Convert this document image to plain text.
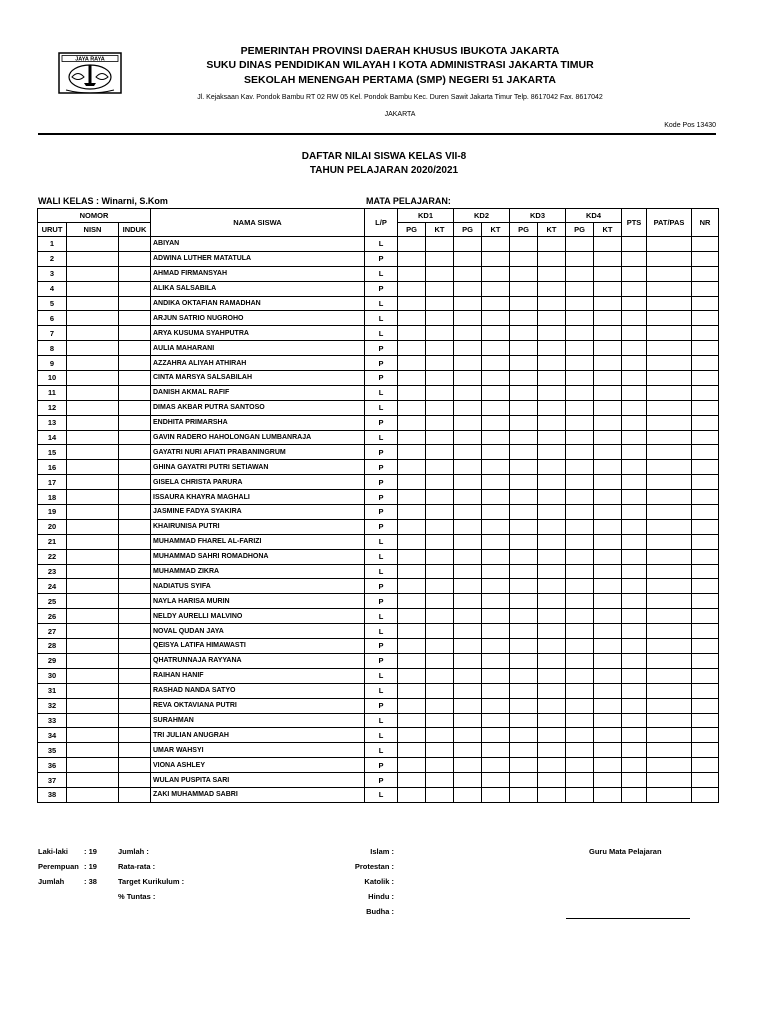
JAYA RAYA
PEMERINTAH PROVINSI DAERAH KHUSUS IBUKOTA JAKARTA
SUKU DINAS PENDIDIKAN WILAYAH I KOTA ADMINISTRASI JAKARTA TIMUR
SEKOLAH MENENGAH PERTAMA (SMP) NEGERI 51 JAKARTA
Jl. Kejaksaan Kav. Pondok Bambu RT 02 RW 05 Kel. Pondok Bambu Kec. Duren Sawit Jakarta Timur Telp. 8617042 Fax. 8617042
JAKARTA
Kode Pos 13430
DAFTAR NILAI SISWA KELAS VII-8
TAHUN PELAJARAN 2020/2021
WALI KELAS : Winarni, S.Kom	MATA PELAJARAN:
NOMOR			NAMA SISWA	L/P	KD1		KD2		KD3		KD4		PTS	PAT/PAS	NR
URUT	NISN	INDUK			PG	KT	PG	KT	PG	KT	PG	KT			
1			ABIYAN	L											
2			ADWINA LUTHER MATATULA	P											
3			AHMAD FIRMANSYAH	L											
4			ALIKA SALSABILA	P											
5			ANDIKA OKTAFIAN RAMADHAN	L											
6			ARJUN SATRIO NUGROHO	L											
7			ARYA KUSUMA SYAHPUTRA	L											
8			AULIA MAHARANI	P											
9			AZZAHRA ALIYAH ATHIRAH	P											
10			CINTA MARSYA SALSABILAH	P											
11			DANISH AKMAL RAFIF	L											
12			DIMAS AKBAR PUTRA SANTOSO	L											
13			ENDHITA PRIMARSHA	P											
14			GAVIN RADERO HAHOLONGAN LUMBANRAJA	L											
15			GAYATRI NURI AFIATI PRABANINGRUM	P											
16			GHINA GAYATRI PUTRI SETIAWAN	P											
17			GISELA CHRISTA PARURA	P											
18			ISSAURA KHAYRA MAGHALI	P											
19			JASMINE FADYA SYAKIRA	P											
20			KHAIRUNISA PUTRI	P											
21			MUHAMMAD FHAREL AL-FARIZI	L											
22			MUHAMMAD SAHRI ROMADHONA	L											
23			MUHAMMAD ZIKRA	L											
24			NADIATUS SYIFA	P											
25			NAYLA HARISA MURIN	P											
26			NELDY AURELLI MALVINO	L											
27			NOVAL QUDAN JAYA	L											
28			QEISYA LATIFA HIMAWASTI	P											
29			QHATRUNNAJA RAYYANA	P											
30			RAIHAN HANIF	L											
31			RASHAD NANDA SATYO	L											
32			REVA OKTAVIANA PUTRI	P											
33			SURAHMAN	L											
34			TRI JULIAN ANUGRAH	L											
35			UMAR WAHSYI	L											
36			VIONA ASHLEY	P											
37			WULAN PUSPITA SARI	P											
38			ZAKI MUHAMMAD SABRI	L											
Laki-laki : 19
Perempuan : 19
Jumlah	: 38
Jumlah :
Rata-rata :
Target Kurikulum :
% Tuntas :
Islam :
Protestan :
Katolik :
Hindu :
Budha :
Guru Mata Pelajaran
